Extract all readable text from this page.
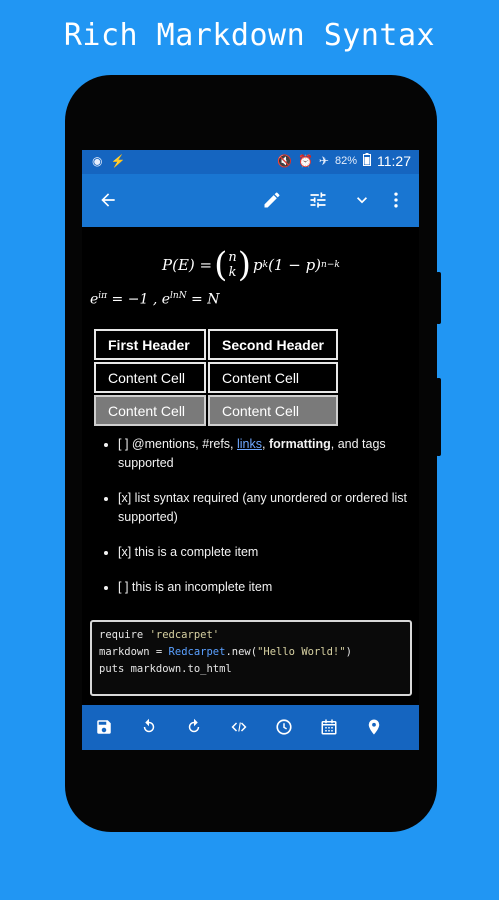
Rich Markdown Syntax
◉ ⚡	🔇 ⏰ ✈ 82% 11:27
P(E) = ( n
k ) p k (1 − p) n−k
$e^{i\pi} = -1$ , $e^{lnN} = N$
First Header	Second Header
Content Cell	Content Cell
Content Cell	Content Cell
• [ ] @mentions, #refs, links, formatting, and tags supported
• [x] list syntax required (any unordered or ordered list supported)
• [x] this is a complete item
• [ ] this is an incomplete item
require 'redcarpet'
markdown = Redcarpet.new("Hello World!")
puts markdown.to_html
